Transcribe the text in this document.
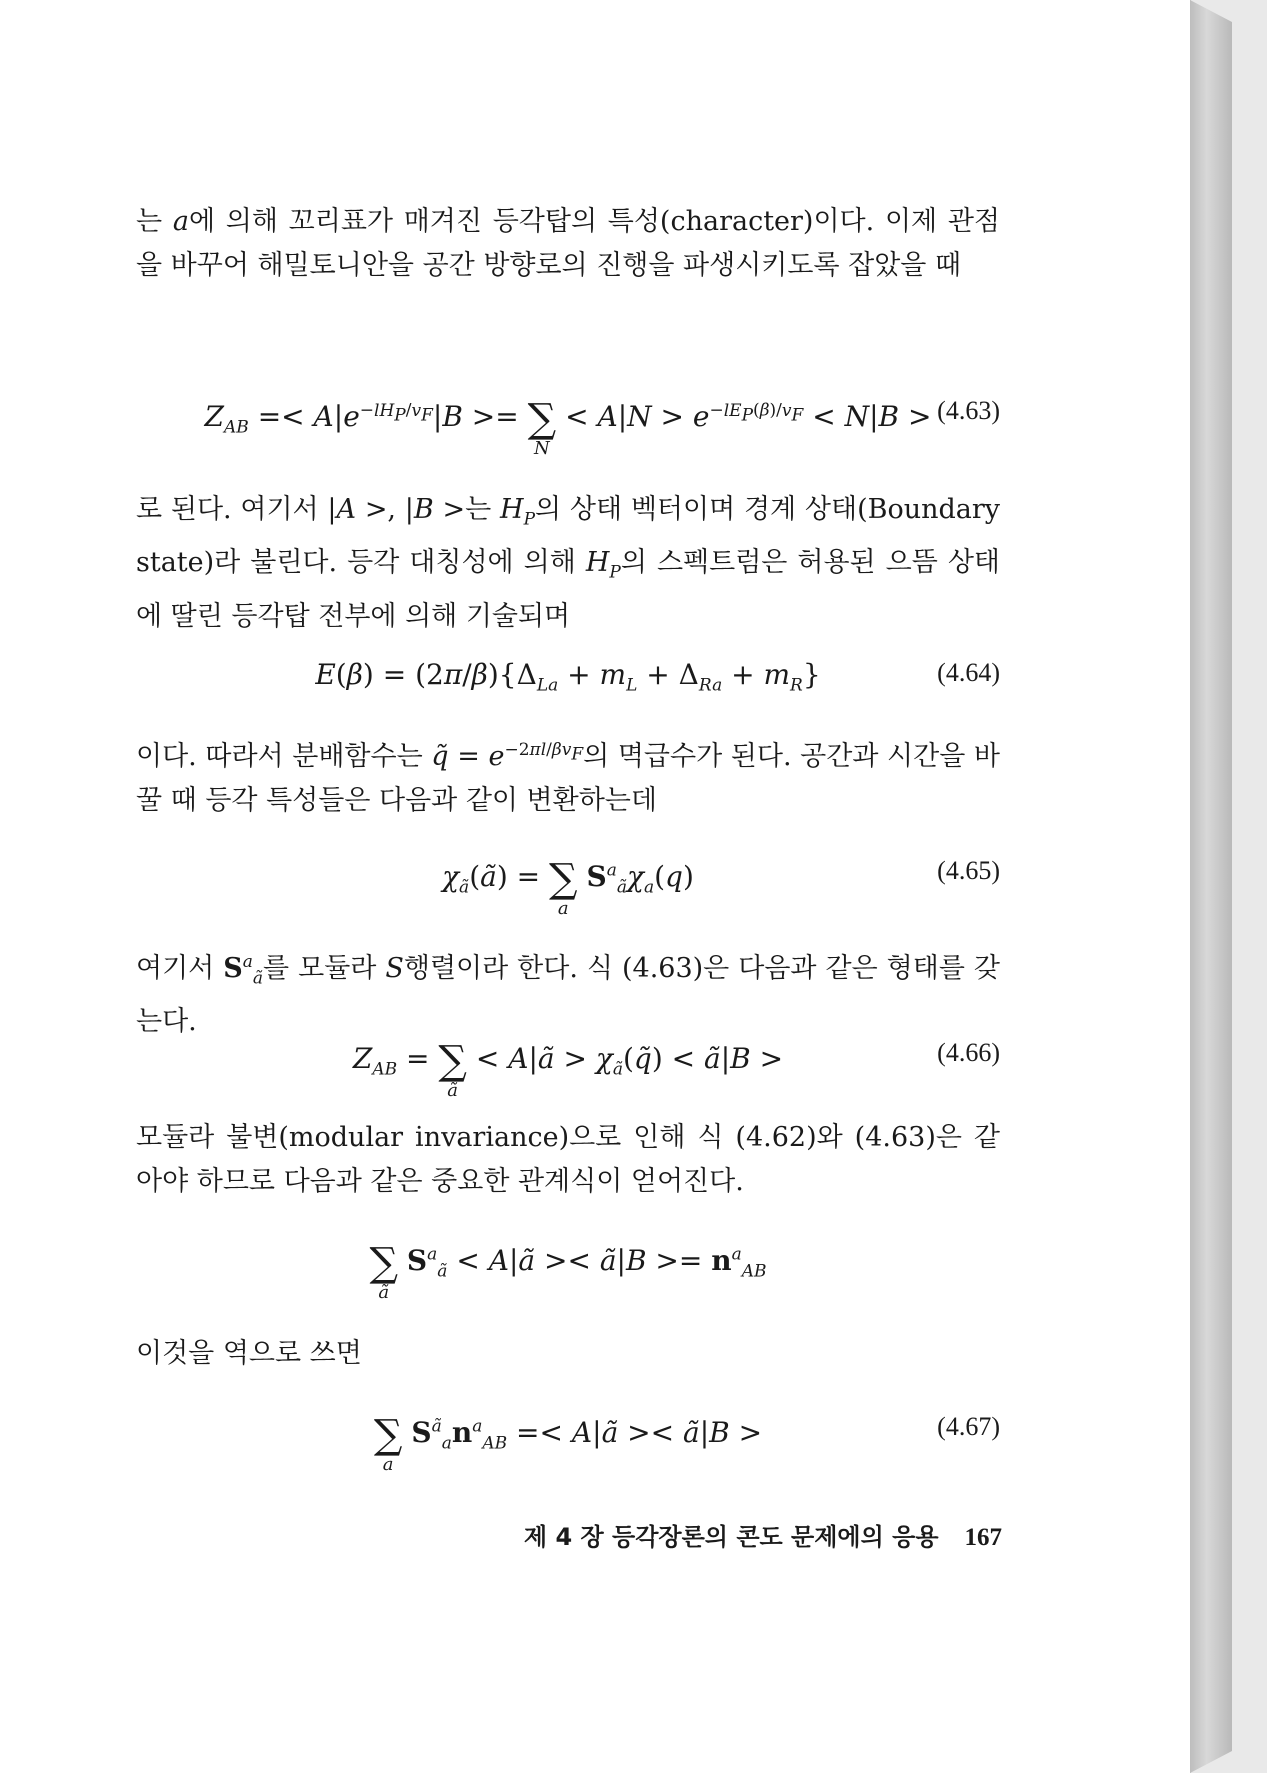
는 a에 의해 꼬리표가 매겨진 등각탑의 특성(character)이다. 이제 관점을 바꾸어 해밀토니안을 공간 방향로의 진행을 파생시키도록 잡았을 때

$Z_{AB} =< A|e^{-lH_P/v_F}|B$ >= ∑
N
< $A|N > e^{-lE_P(\beta)/v_F} < N|B > (4.63)$

로 된다. 여기서 |A >, |B >는 $H_P$의 상태 벡터이며 경계 상태(Boundary state)라 불린다. 등각 대칭성에 의해 $H_P$의 스펙트럼은 허용된 으뜸 상태에 딸린 등각탑 전부에 의해 기술되며

$E(\beta) = (2\pi/\beta)\{\Delta_{La} + m_L + \Delta_{Ra} + m_R\}$	(4.64)

이다. 따라서 분배함수는 q̃ = $e^{-2\pi l/\beta v_F}$의 멱급수가 된다. 공간과 시간을 바꿀 때 등각 특성들은 다음과 같이 변환하는데

$\chi_ã(ã)$ = ∑
a
$S^a_ã\chi_a(q)$	(4.65)

여기서 $S^a_ã$를 모듈라 S행렬이라 한다. 식 (4.63)은 다음과 같은 형태를 갖는다.

$Z_{AB}$ = ∑
ã
< A|ã > $\chi_ã(q̃)$ < ã|B >	(4.66)

모듈라 불변(modular invariance)으로 인해 식 (4.62)와 (4.63)은 같아야 하므로 다음과 같은 중요한 관계식이 얻어진다.

∑
ã
$S^a_ã$ < A|ã >< ã|B >= $n^a_{AB}$

이것을 역으로 쓰면

∑
a
$S^ã_an^a_{AB}$ =< A|ã >< ã|B >	(4.67)
제 4 장 등각장론의 콘도 문제에의 응용 167
